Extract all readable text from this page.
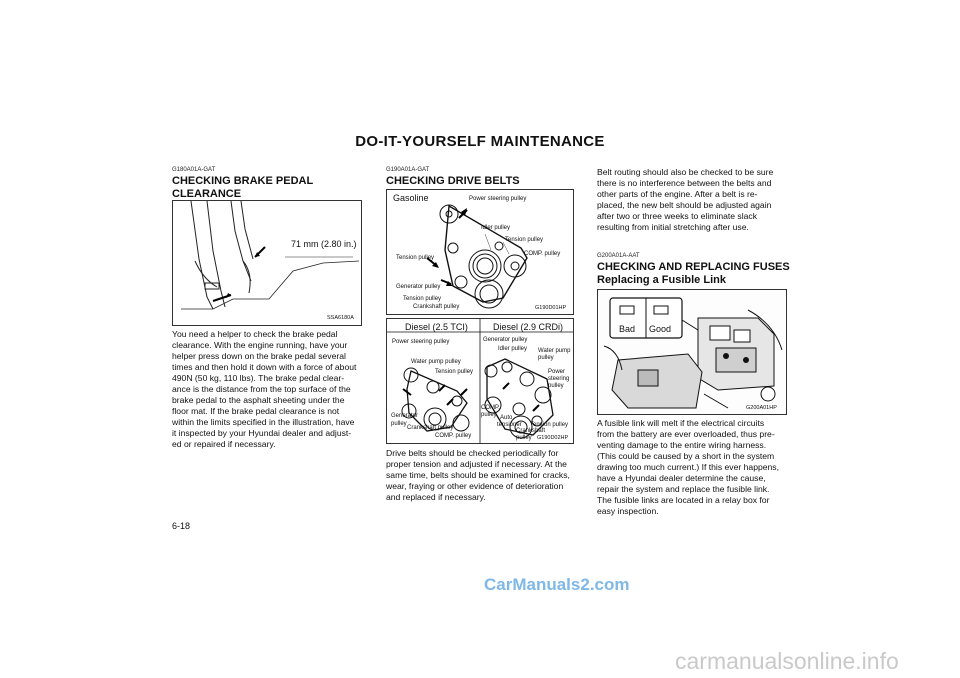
DO-IT-YOURSELF MAINTENANCE
G180A01A-GAT
CHECKING BRAKE PEDAL
CLEARANCE
71 mm (2.80 in.)
SSA6180A
You need a helper to check the brake pedal
clearance. With the engine running, have your
helper press down on the brake pedal several
times and then hold it down with a force of about
490N (50 kg, 110 lbs). The brake pedal clear-
ance is the distance from the top surface of the
brake pedal to the asphalt sheeting under the
floor mat. If the brake pedal clearance is not
within the limits specified in the illustration, have
it inspected by your Hyundai dealer and adjust-
ed or repaired if necessary.
6-18
G190A01A-GAT
CHECKING DRIVE BELTS
Gasoline	Power steering pulley
Idler pulley
Tension pulley
COMP. pulley
Tension pulley
Generator pulley
Tension pulley
Crankshaft pulley	G190D01HP
Diesel (2.5 TCI)	Diesel (2.9 CRDi)
Power steering pulley
Water pump pulley
Tension pulley
Generator
pulley
Crankshaft pulley
COMP. pulley
Generator pulley
Idler pulley Water pump
pulley
Power
steering
pulley
COMP.
pulley Auto
tensioner Tension pulley
Crankshaft
pulley G190D02HP
Drive belts should be checked periodically for
proper tension and adjusted if necessary. At the
same time, belts should be examined for cracks,
wear, fraying or other evidence of deterioration
and replaced if necessary.
Belt routing should also be checked to be sure
there is no interference between the belts and
other parts of the engine. After a belt is re-
placed, the new belt should be adjusted again
after two or three weeks to eliminate slack
resulting from initial stretching after use.
G200A01A-AAT
CHECKING AND REPLACING FUSES
Replacing a Fusible Link
Bad Good
G200A01HP
A fusible link will melt if the electrical circuits
from the battery are ever overloaded, thus pre-
venting damage to the entire wiring harness.
(This could be caused by a short in the system
drawing too much current.) If this ever happens,
have a Hyundai dealer determine the cause,
repair the system and replace the fusible link.
The fusible links are located in a relay box for
easy inspection.
CarManuals2.com
carmanualsonline.info
